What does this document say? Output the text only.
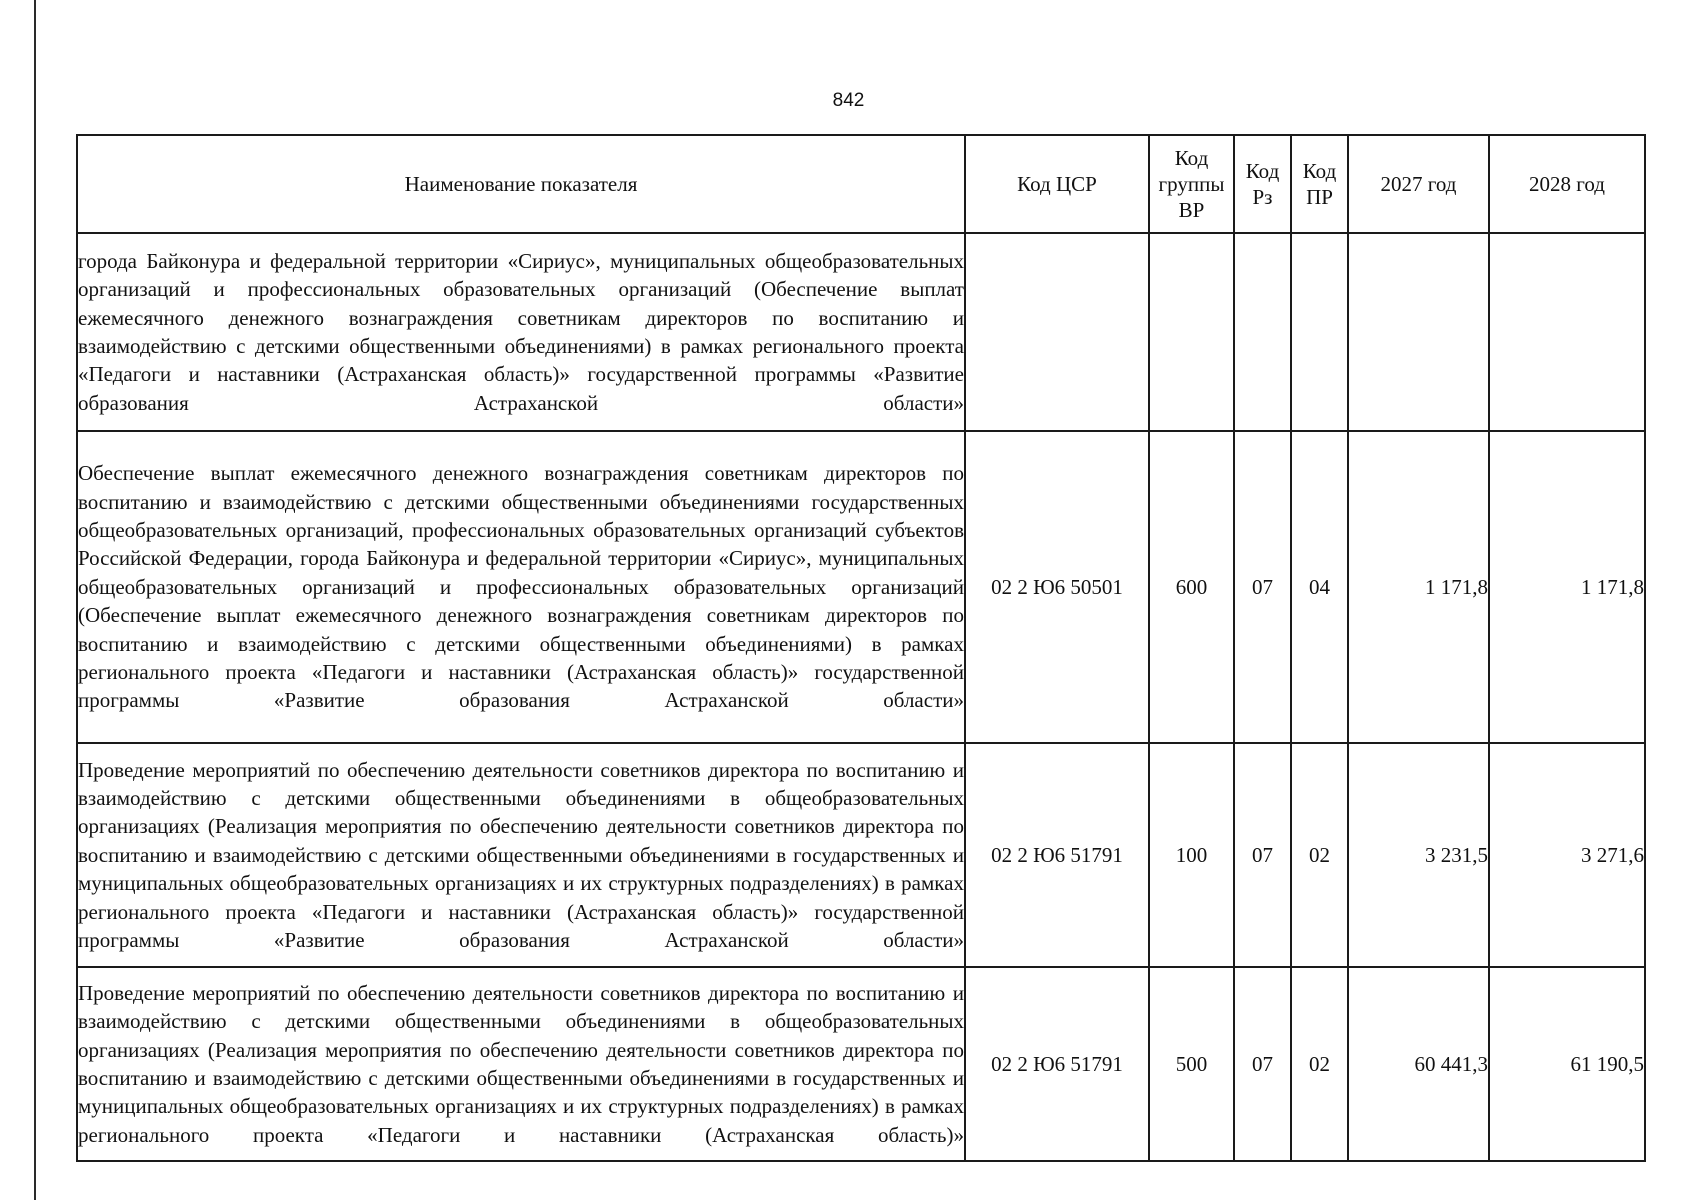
842
Наименование показателя	Код ЦСР	Код группы ВР	Код Рз	Код ПР	2027 год	2028 год
города Байконура и федеральной территории «Сириус», муниципальных общеобразовательных организаций и профессиональных образовательных организаций (Обеспечение выплат ежемесячного денежного вознаграждения советникам директоров по воспитанию и взаимодействию с детскими общественными объединениями) в рамках регионального проекта «Педагоги и наставники (Астраханская область)» государственной программы «Развитие образования Астраханской области»						
Обеспечение выплат ежемесячного денежного вознаграждения советникам директоров по воспитанию и взаимодействию с детскими общественными объединениями государственных общеобразовательных организаций, профессиональных образовательных организаций субъектов Российской Федерации, города Байконура и федеральной территории «Сириус», муниципальных общеобразовательных организаций и профессиональных образовательных организаций (Обеспечение выплат ежемесячного денежного вознаграждения советникам директоров по воспитанию и взаимодействию с детскими общественными объединениями) в рамках регионального проекта «Педагоги и наставники (Астраханская область)» государственной программы «Развитие образования Астраханской области»	02 2 Ю6 50501	600	07	04	1 171,8	1 171,8
Проведение мероприятий по обеспечению деятельности советников директора по воспитанию и взаимодействию с детскими общественными объединениями в общеобразовательных организациях (Реализация мероприятия по обеспечению деятельности советников директора по воспитанию и взаимодействию с детскими общественными объединениями в государственных и муниципальных общеобразовательных организациях и их структурных подразделениях) в рамках регионального проекта «Педагоги и наставники (Астраханская область)» государственной программы «Развитие образования Астраханской области»	02 2 Ю6 51791	100	07	02	3 231,5	3 271,6
Проведение мероприятий по обеспечению деятельности советников директора по воспитанию и взаимодействию с детскими общественными объединениями в общеобразовательных организациях (Реализация мероприятия по обеспечению деятельности советников директора по воспитанию и взаимодействию с детскими общественными объединениями в государственных и муниципальных общеобразовательных организациях и их структурных подразделениях) в рамках регионального проекта «Педагоги и наставники (Астраханская область)»	02 2 Ю6 51791	500	07	02	60 441,3	61 190,5
